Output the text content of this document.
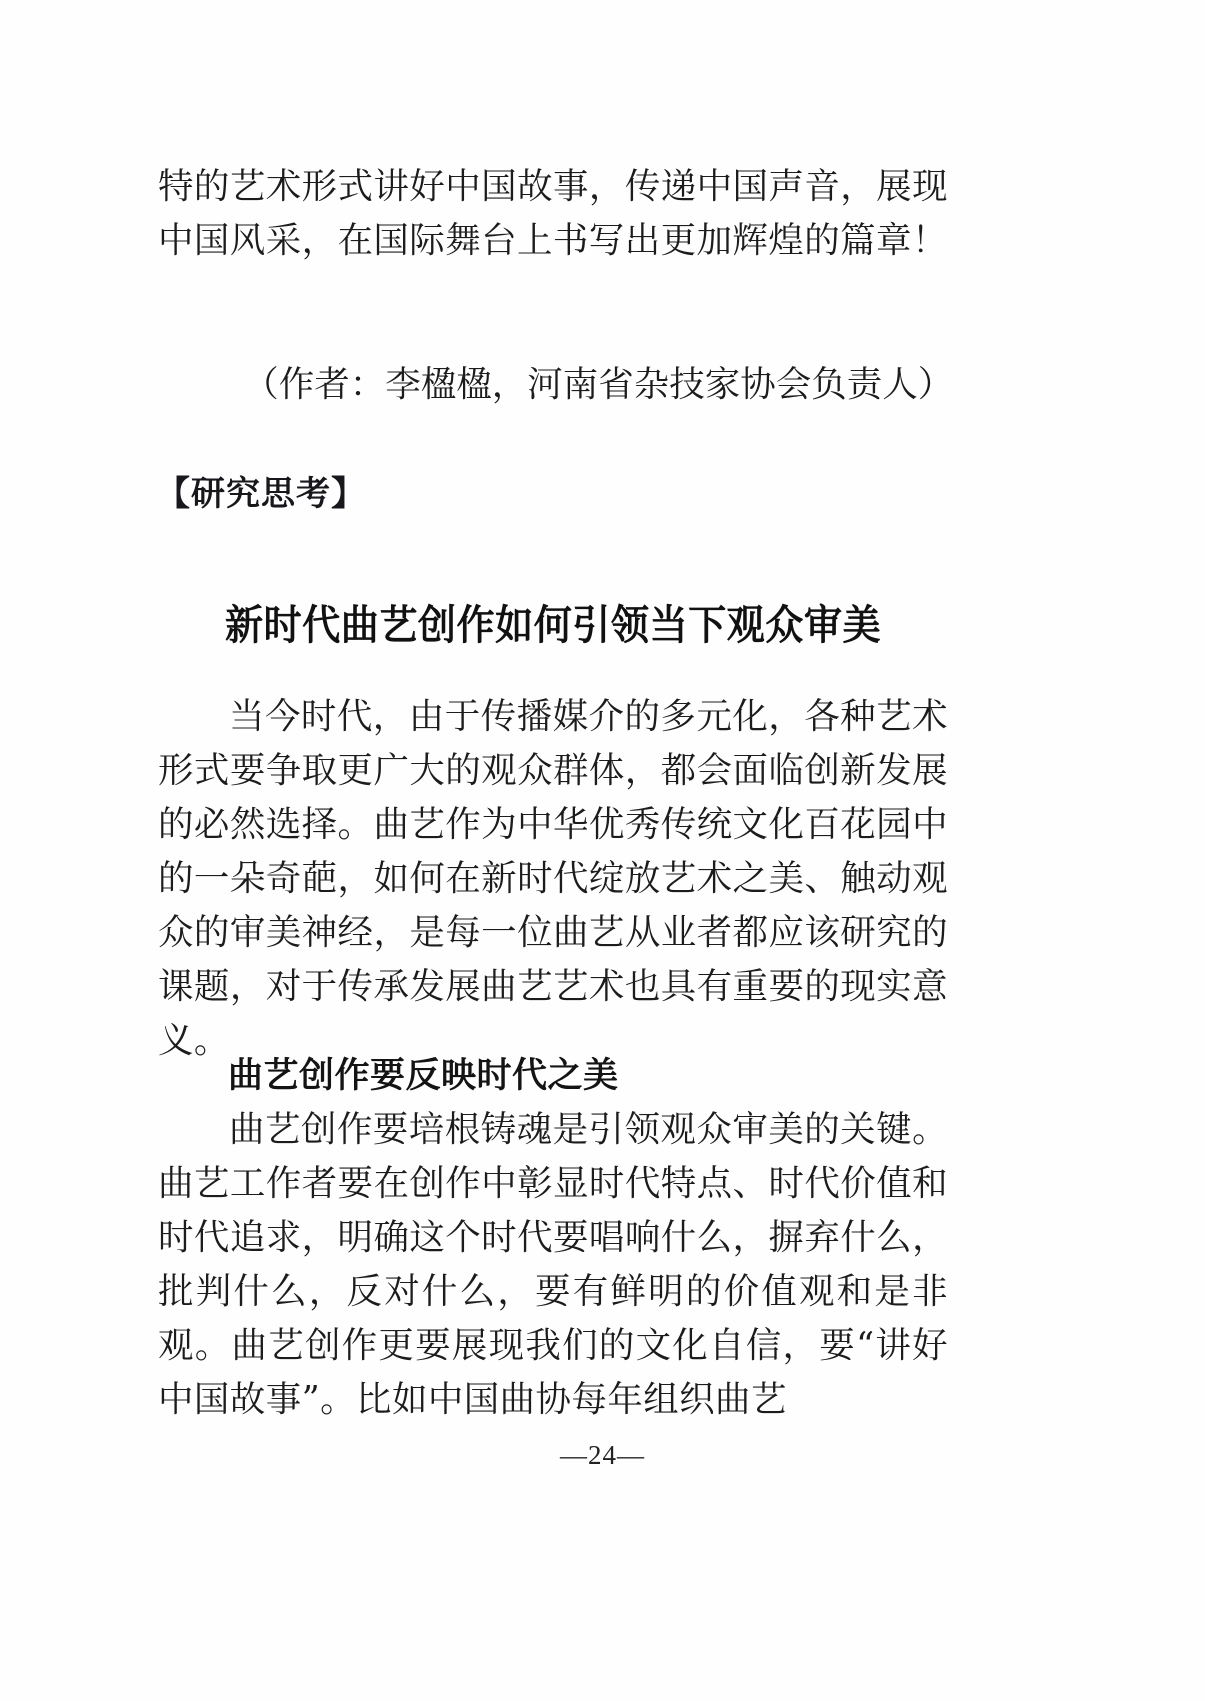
特的艺术形式讲好中国故事，传递中国声音，展现中国风采，在国际舞台上书写出更加辉煌的篇章！

（作者：李楹楹，河南省杂技家协会负责人）

【研究思考】
新时代曲艺创作如何引领当下观众审美

当今时代，由于传播媒介的多元化，各种艺术形式要争取更广大的观众群体，都会面临创新发展的必然选择。曲艺作为中华优秀传统文化百花园中的一朵奇葩，如何在新时代绽放艺术之美、触动观众的审美神经，是每一位曲艺从业者都应该研究的课题，对于传承发展曲艺艺术也具有重要的现实意义。

曲艺创作要反映时代之美

曲艺创作要培根铸魂是引领观众审美的关键。曲艺工作者要在创作中彰显时代特点、时代价值和时代追求，明确这个时代要唱响什么，摒弃什么，批判什么，反对什么，要有鲜明的价值观和是非观。曲艺创作更要展现我们的文化自信，要“讲好中国故事”。比如中国曲协每年组织曲艺

—24—
